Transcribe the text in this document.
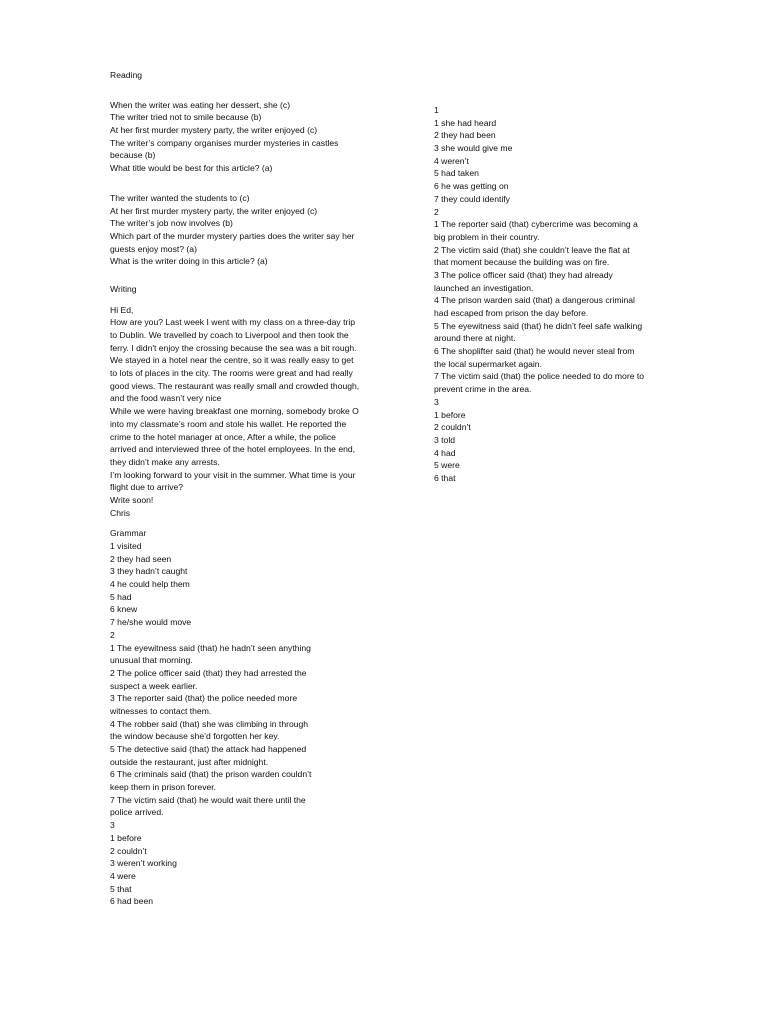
Reading
When the writer was eating her dessert, she (c)
The writer tried not to smile because (b)
At her first murder mystery party, the writer enjoyed (c)
The writer’s company organises murder mysteries in castles
because (b)
What title would be best for this article? (a)
The writer wanted the students to (c)
At her first murder mystery party, the writer enjoyed (c)
The writer’s job now involves (b)
Which part of the murder mystery parties does the writer say her
guests enjoy most? (a)
What is the writer doing in this article? (a)
Writing
Hi Ed,
How are you? Last week I went with my class on a three-day trip
to Dublin. We travelled by coach to Liverpool and then took the
ferry. I didn't enjoy the crossing because the sea was a bit rough.
We stayed in a hotel near the centre, so it was really easy to get
to lots of places in the city. The rooms were great and had really
good views. The restaurant was really small and crowded though,
and the food wasn’t very nice
While we were having breakfast one morning, somebody broke O
into my classmate’s room and stole his wallet. He reported the
crime to the hotel manager at once, After a while, the police
arrived and interviewed three of the hotel employees. In the end,
they didn’t make any arrests.
I’m looking forward to your visit in the summer. What time is your
flight due to arrive?
Write soon!
Chris
Grammar
1 visited
2 they had seen
3 they hadn’t caught
4 he could help them
5 had
6 knew
7 he/she would move
2
1 The eyewitness said (that) he hadn’t seen anything
unusual that morning.
2 The police officer said (that) they had arrested the
suspect a week earlier.
3 The reporter said (that) the police needed more
witnesses to contact them.
4 The robber said (that) she was climbing in through
the window because she’d forgotten her key.
5 The detective said (that) the attack had happened
outside the restaurant, just after midnight.
6 The criminals said (that) the prison warden couldn’t
keep them in prison forever.
7 The victim said (that) he would wait there until the
police arrived.
3
1 before
2 couldn’t
3 weren’t working
4 were
5 that
6 had been
1
1 she had heard
2 they had been
3 she would give me
4 weren’t
5 had taken
6 he was getting on
7 they could identify
2
1 The reporter said (that) cybercrime was becoming a
big problem in their country.
2 The victim said (that) she couldn’t leave the flat at
that moment because the building was on fire.
3 The police officer said (that) they had already
launched an investigation.
4 The prison warden said (that) a dangerous criminal
had escaped from prison the day before.
5 The eyewitness said (that) he didn’t feel safe walking
around there at night.
6 The shoplifter said (that) he would never steal from
the local supermarket again.
7 The victim said (that) the police needed to do more to
prevent crime in the area.
3
1 before
2 couldn’t
3 told
4 had
5 were
6 that
